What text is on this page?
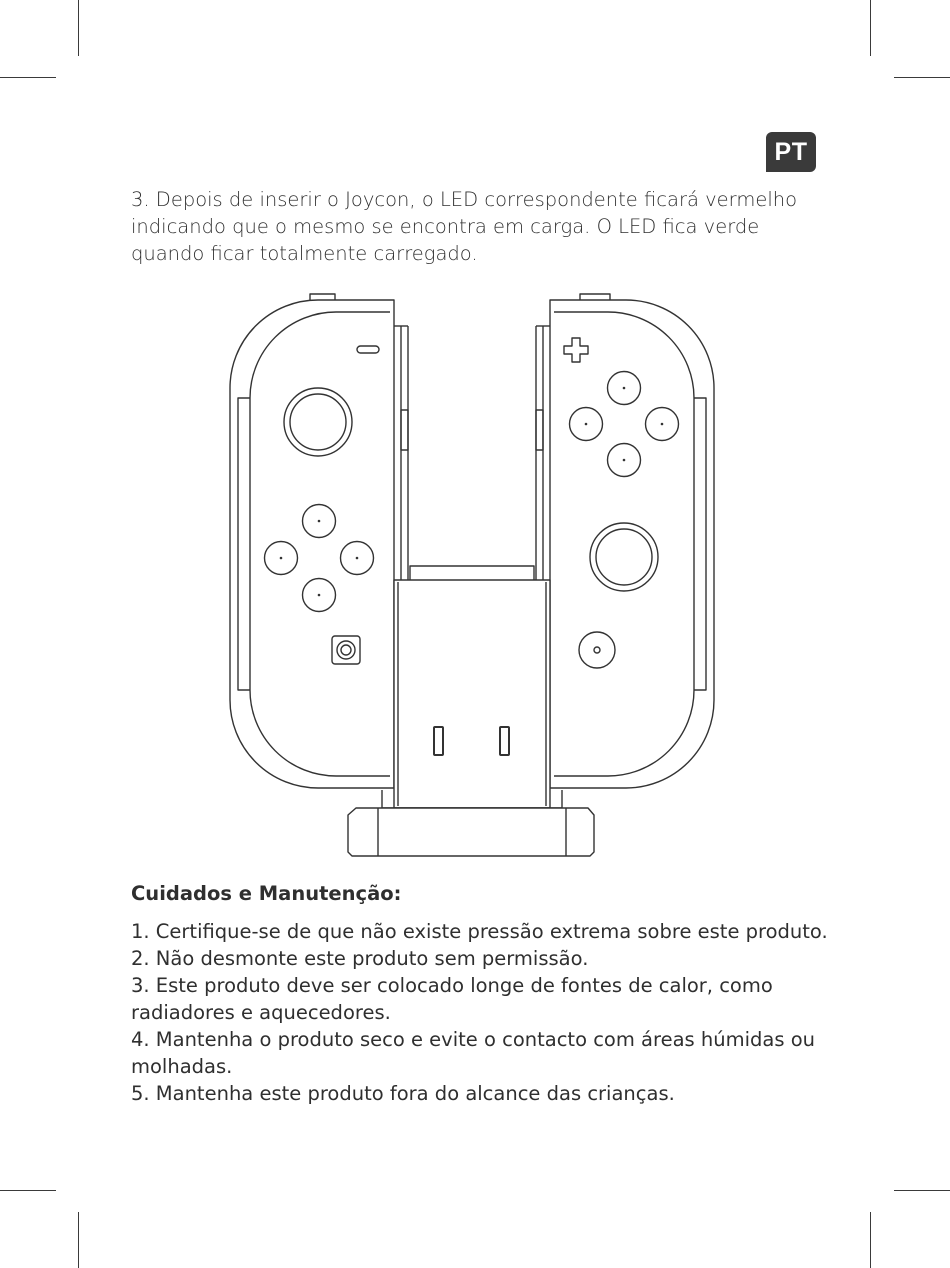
PT

3. Depois de inserir o Joycon, o LED correspondente ficará vermelho indicando que o mesmo se encontra em carga. O LED fica verde quando ficar totalmente carregado.

Cuidados e Manutenção:
1. Certifique-se de que não existe pressão extrema sobre este produto.
2. Não desmonte este produto sem permissão.
3. Este produto deve ser colocado longe de fontes de calor, como radiadores e aquecedores.
4. Mantenha o produto seco e evite o contacto com áreas húmidas ou molhadas.
5. Mantenha este produto fora do alcance das crianças.
